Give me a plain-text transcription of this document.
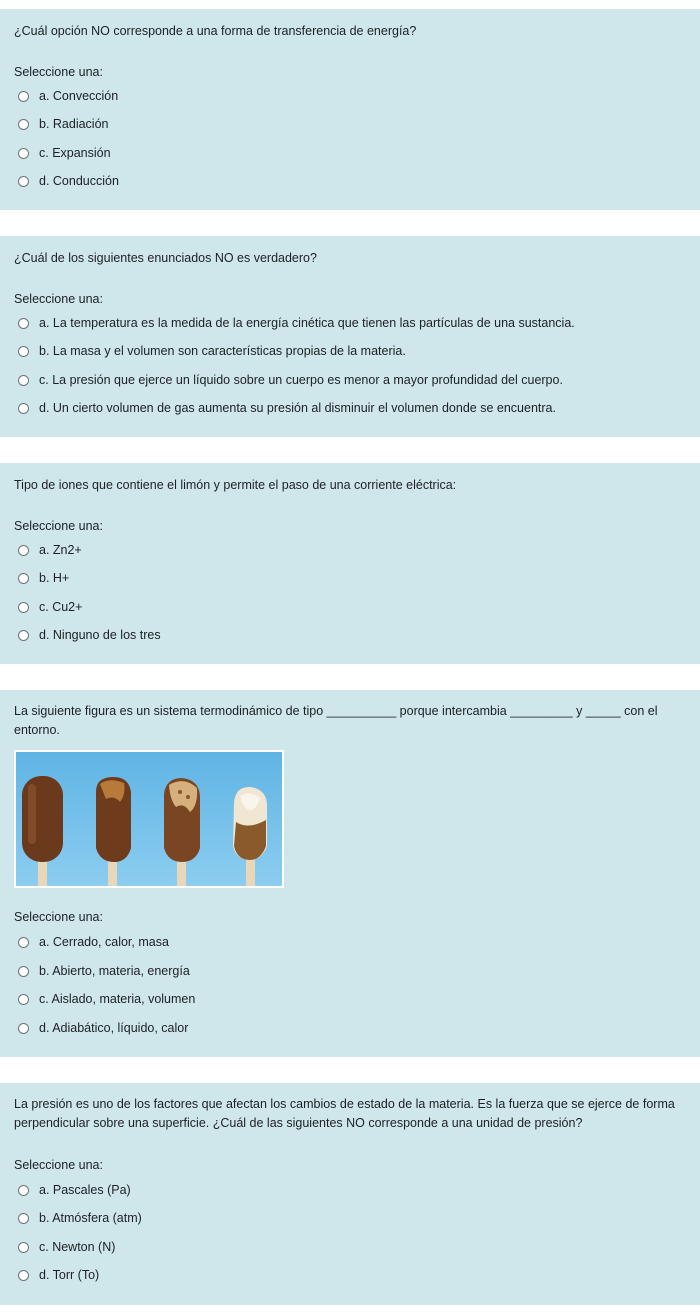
¿Cuál opción NO corresponde a una forma de transferencia de energía?
Seleccione una:
a. Convección
b. Radiación
c. Expansión
d. Conducción
¿Cuál de los siguientes enunciados NO es verdadero?
Seleccione una:
a. La temperatura es la medida de la energía cinética que tienen las partículas de una sustancia.
b. La masa y el volumen son características propias de la materia.
c. La presión que ejerce un líquido sobre un cuerpo es menor a mayor profundidad del cuerpo.
d. Un cierto volumen de gas aumenta su presión al disminuir el volumen donde se encuentra.
Tipo de iones que contiene el limón y permite el paso de una corriente eléctrica:
Seleccione una:
a. Zn2+
b. H+
c. Cu2+
d. Ninguno de los tres
La siguiente figura es un sistema termodinámico de tipo __________ porque intercambia _________ y _____ con el entorno.
Seleccione una:
a. Cerrado, calor, masa
b. Abierto, materia, energía
c. Aislado, materia, volumen
d. Adiabático, líquido, calor
La presión es uno de los factores que afectan los cambios de estado de la materia. Es la fuerza que se ejerce de forma perpendicular sobre una superficie. ¿Cuál de las siguientes NO corresponde a una unidad de presión?
Seleccione una:
a. Pascales (Pa)
b. Atmósfera (atm)
c. Newton (N)
d. Torr (To)
